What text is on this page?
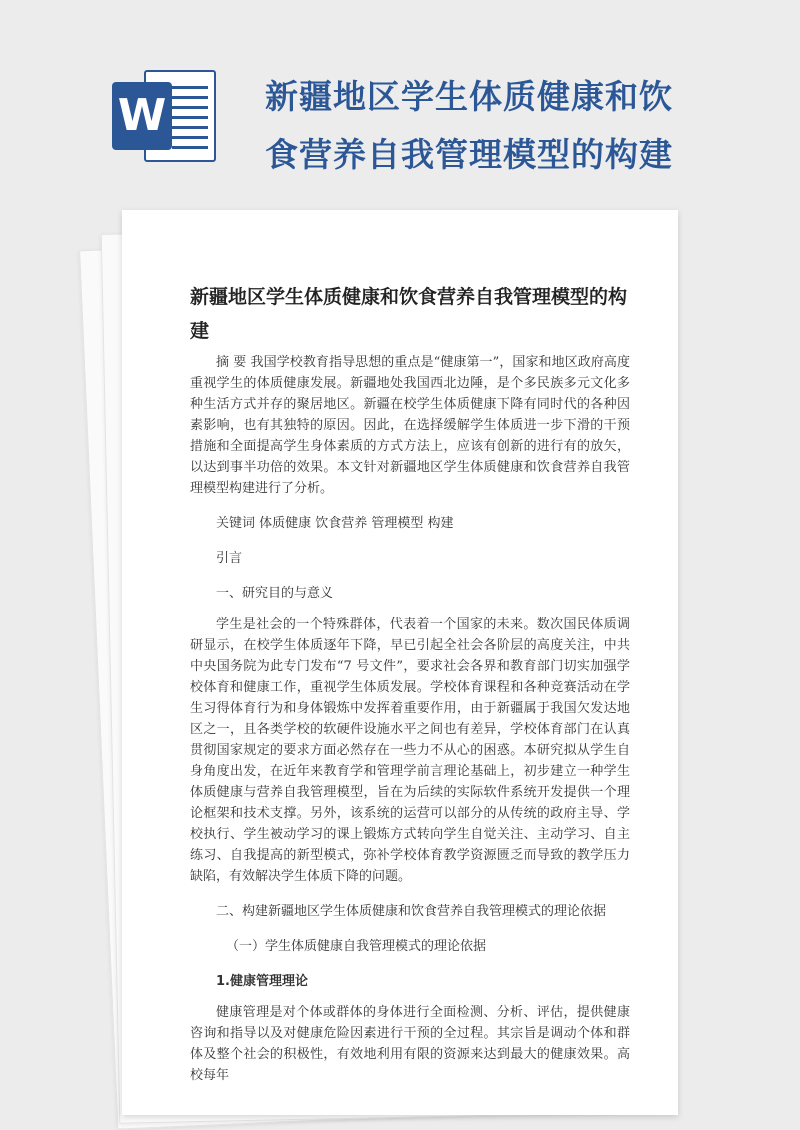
W	新疆地区学生体质健康和饮食营养自我管理模型的构建
新疆地区学生体质健康和饮食营养自我管理模型的构建

摘 要 我国学校教育指导思想的重点是“健康第一”，国家和地区政府高度重视学生的体质健康发展。新疆地处我国西北边陲，是个多民族多元文化多种生活方式并存的聚居地区。新疆在校学生体质健康下降有同时代的各种因素影响，也有其独特的原因。因此，在选择缓解学生体质进一步下滑的干预措施和全面提高学生身体素质的方式方法上，应该有创新的进行有的放矢，以达到事半功倍的效果。本文针对新疆地区学生体质健康和饮食营养自我管理模型构建进行了分析。

关键词 体质健康 饮食营养 管理模型 构建

引言

一、研究目的与意义

学生是社会的一个特殊群体，代表着一个国家的未来。数次国民体质调研显示，在校学生体质逐年下降，早已引起全社会各阶层的高度关注，中共中央国务院为此专门发布“7 号文件”，要求社会各界和教育部门切实加强学校体育和健康工作，重视学生体质发展。学校体育课程和各种竞赛活动在学生习得体育行为和身体锻炼中发挥着重要作用，由于新疆属于我国欠发达地区之一，且各类学校的软硬件设施水平之间也有差异，学校体育部门在认真贯彻国家规定的要求方面必然存在一些力不从心的困惑。本研究拟从学生自身角度出发，在近年来教育学和管理学前言理论基础上，初步建立一种学生体质健康与营养自我管理模型，旨在为后续的实际软件系统开发提供一个理论框架和技术支撑。另外，该系统的运营可以部分的从传统的政府主导、学校执行、学生被动学习的课上锻炼方式转向学生自觉关注、主动学习、自主练习、自我提高的新型模式，弥补学校体育教学资源匮乏而导致的教学压力缺陷，有效解决学生体质下降的问题。

二、构建新疆地区学生体质健康和饮食营养自我管理模式的理论依据

（一）学生体质健康自我管理模式的理论依据

1.健康管理理论

健康管理是对个体或群体的身体进行全面检测、分析、评估，提供健康咨询和指导以及对健康危险因素进行干预的全过程。其宗旨是调动个体和群体及整个社会的积极性，有效地利用有限的资源来达到最大的健康效果。高校每年
